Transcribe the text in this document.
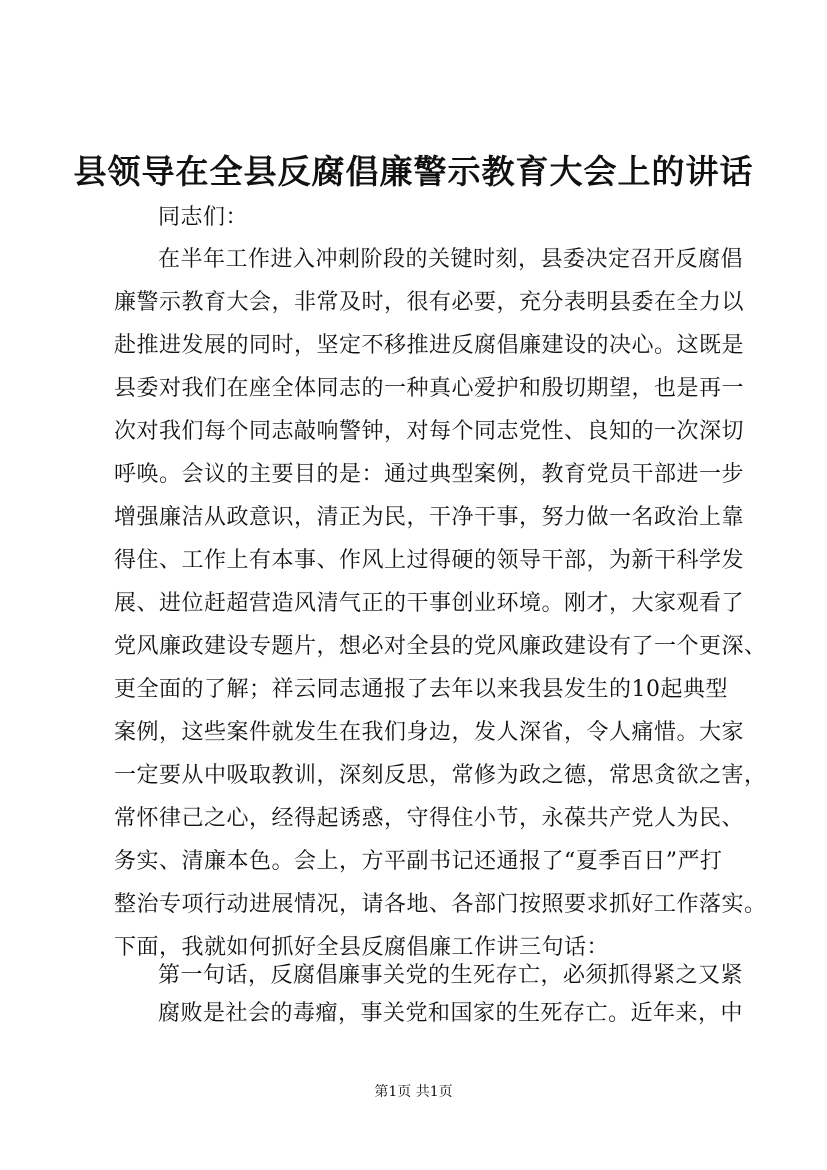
县领导在全县反腐倡廉警示教育大会上的讲话
同志们：
在半年工作进入冲刺阶段的关键时刻，县委决定召开反腐倡
廉警示教育大会，非常及时，很有必要，充分表明县委在全力以
赴推进发展的同时，坚定不移推进反腐倡廉建设的决心。这既是
县委对我们在座全体同志的一种真心爱护和殷切期望，也是再一
次对我们每个同志敲响警钟，对每个同志党性、良知的一次深切
呼唤。会议的主要目的是：通过典型案例，教育党员干部进一步
增强廉洁从政意识，清正为民，干净干事，努力做一名政治上靠
得住、工作上有本事、作风上过得硬的领导干部，为新干科学发
展、进位赶超营造风清气正的干事创业环境。刚才，大家观看了
党风廉政建设专题片，想必对全县的党风廉政建设有了一个更深、
更全面的了解；祥云同志通报了去年以来我县发生的10起典型
案例，这些案件就发生在我们身边，发人深省，令人痛惜。大家
一定要从中吸取教训，深刻反思，常修为政之德，常思贪欲之害，
常怀律己之心，经得起诱惑，守得住小节，永葆共产党人为民、
务实、清廉本色。会上，方平副书记还通报了“夏季百日”严打
整治专项行动进展情况，请各地、各部门按照要求抓好工作落实。
下面，我就如何抓好全县反腐倡廉工作讲三句话：
第一句话，反腐倡廉事关党的生死存亡，必须抓得紧之又紧
腐败是社会的毒瘤，事关党和国家的生死存亡。近年来，中
第1页 共1页
